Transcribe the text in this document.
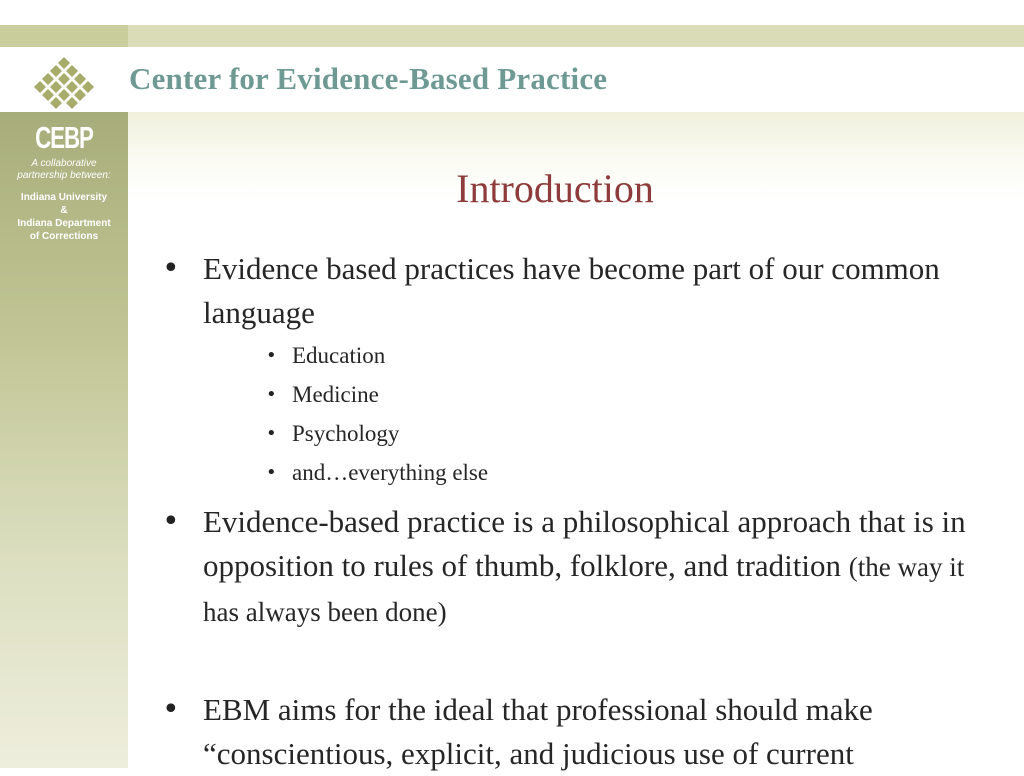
Center for Evidence-Based Practice
CEBP

A collaborative
partnership between:

Indiana University
&
Indiana Department
of Corrections

Introduction
• Evidence based practices have become part of our common language
• Education
• Medicine
• Psychology
• and…everything else
• Evidence-based practice is a philosophical approach that is in opposition to rules of thumb, folklore, and tradition (the way it has always been done)
• EBM aims for the ideal that professional should make “conscientious, explicit, and judicious use of current
